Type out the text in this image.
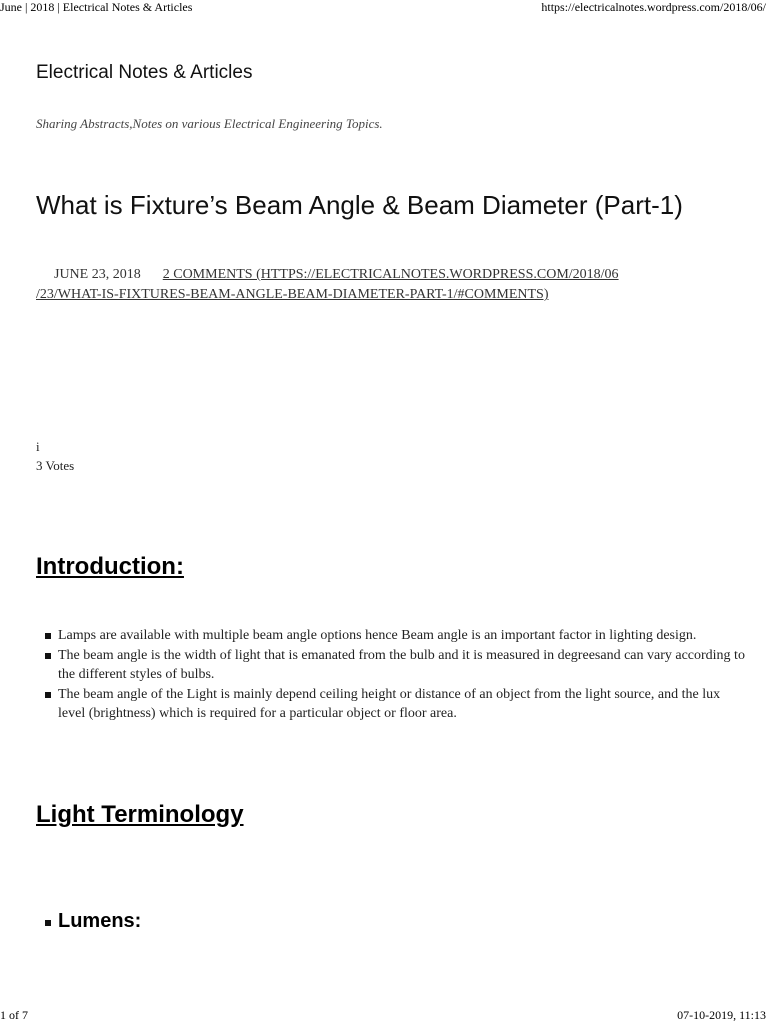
June | 2018 | Electrical Notes & Articles	https://electricalnotes.wordpress.com/2018/06/
Electrical Notes & Articles

Sharing Abstracts,Notes on various Electrical Engineering Topics.

What is Fixture’s Beam Angle & Beam Diameter (Part-1)
JUNE 23, 2018 2 COMMENTS (HTTPS://ELECTRICALNOTES.WORDPRESS.COM/2018/06
/23/WHAT-IS-FIXTURES-BEAM-ANGLE-BEAM-DIAMETER-PART-1/#COMMENTS)
i
3 Votes
Introduction:
Lamps are available with multiple beam angle options hence Beam angle is an important factor in lighting design.
The beam angle is the width of light that is emanated from the bulb and it is measured in degreesand can vary according to the different styles of bulbs.
The beam angle of the Light is mainly depend ceiling height or distance of an object from the light source, and the lux level (brightness) which is required for a particular object or floor area.
Light Terminology
Lumens:
1 of 7	07-10-2019, 11:13
